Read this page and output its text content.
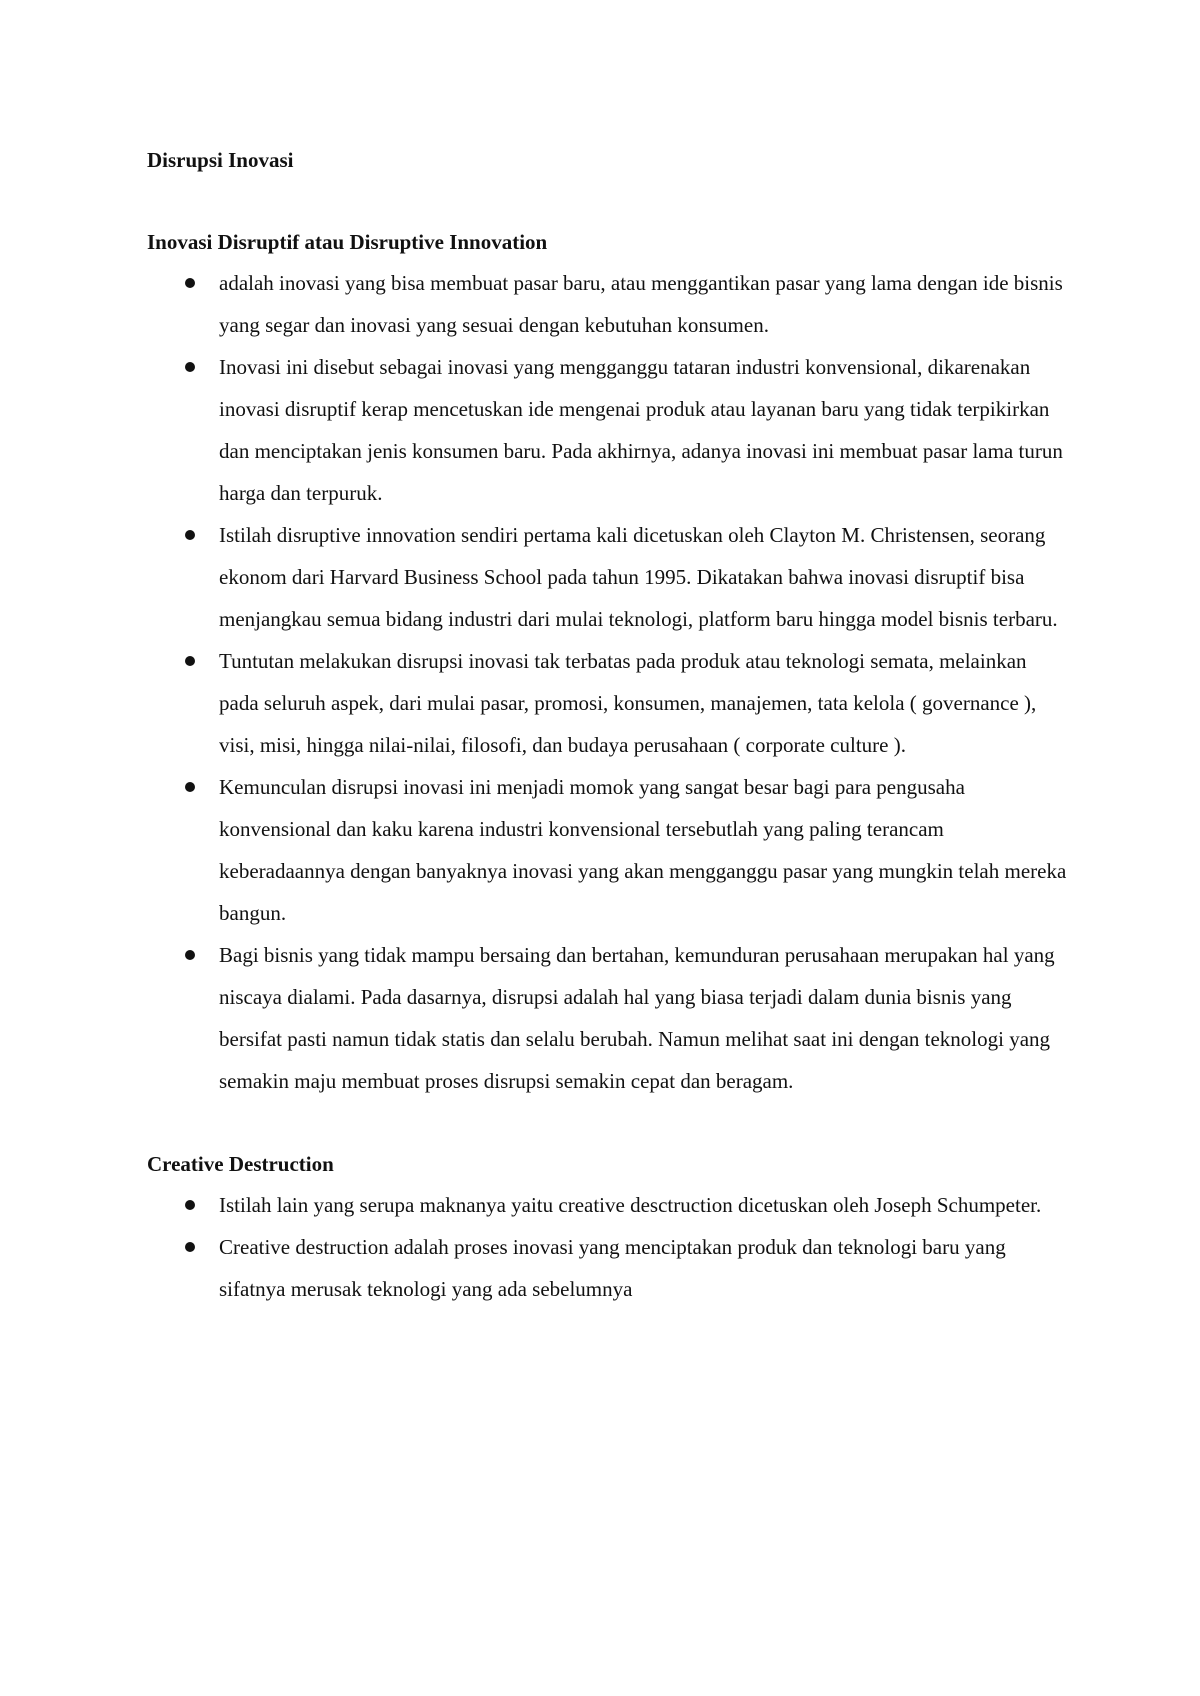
Disrupsi Inovasi
Inovasi Disruptif atau Disruptive Innovation
adalah inovasi yang bisa membuat pasar baru, atau menggantikan pasar yang lama dengan ide bisnis yang segar dan inovasi yang sesuai dengan kebutuhan konsumen.
Inovasi ini disebut sebagai inovasi yang mengganggu tataran industri konvensional, dikarenakan inovasi disruptif kerap mencetuskan ide mengenai produk atau layanan baru yang tidak terpikirkan dan menciptakan jenis konsumen baru. Pada akhirnya, adanya inovasi ini membuat pasar lama turun harga dan terpuruk.
Istilah disruptive innovation sendiri pertama kali dicetuskan oleh Clayton M. Christensen, seorang ekonom dari Harvard Business School pada tahun 1995. Dikatakan bahwa inovasi disruptif bisa menjangkau semua bidang industri dari mulai teknologi, platform baru hingga model bisnis terbaru.
Tuntutan melakukan disrupsi inovasi tak terbatas pada produk atau teknologi semata, melainkan pada seluruh aspek, dari mulai pasar, promosi, konsumen, manajemen, tata kelola ( governance ), visi, misi, hingga nilai-nilai, filosofi, dan budaya perusahaan ( corporate culture ).
Kemunculan disrupsi inovasi ini menjadi momok yang sangat besar bagi para pengusaha konvensional dan kaku karena industri konvensional tersebutlah yang paling terancam keberadaannya dengan banyaknya inovasi yang akan mengganggu pasar yang mungkin telah mereka bangun.
Bagi bisnis yang tidak mampu bersaing dan bertahan, kemunduran perusahaan merupakan hal yang niscaya dialami. Pada dasarnya, disrupsi adalah hal yang biasa terjadi dalam dunia bisnis yang bersifat pasti namun tidak statis dan selalu berubah. Namun melihat saat ini dengan teknologi yang semakin maju membuat proses disrupsi semakin cepat dan beragam.
Creative Destruction
Istilah lain yang serupa maknanya yaitu creative desctruction dicetuskan oleh Joseph Schumpeter.
Creative destruction adalah proses inovasi yang menciptakan produk dan teknologi baru yang sifatnya merusak teknologi yang ada sebelumnya
